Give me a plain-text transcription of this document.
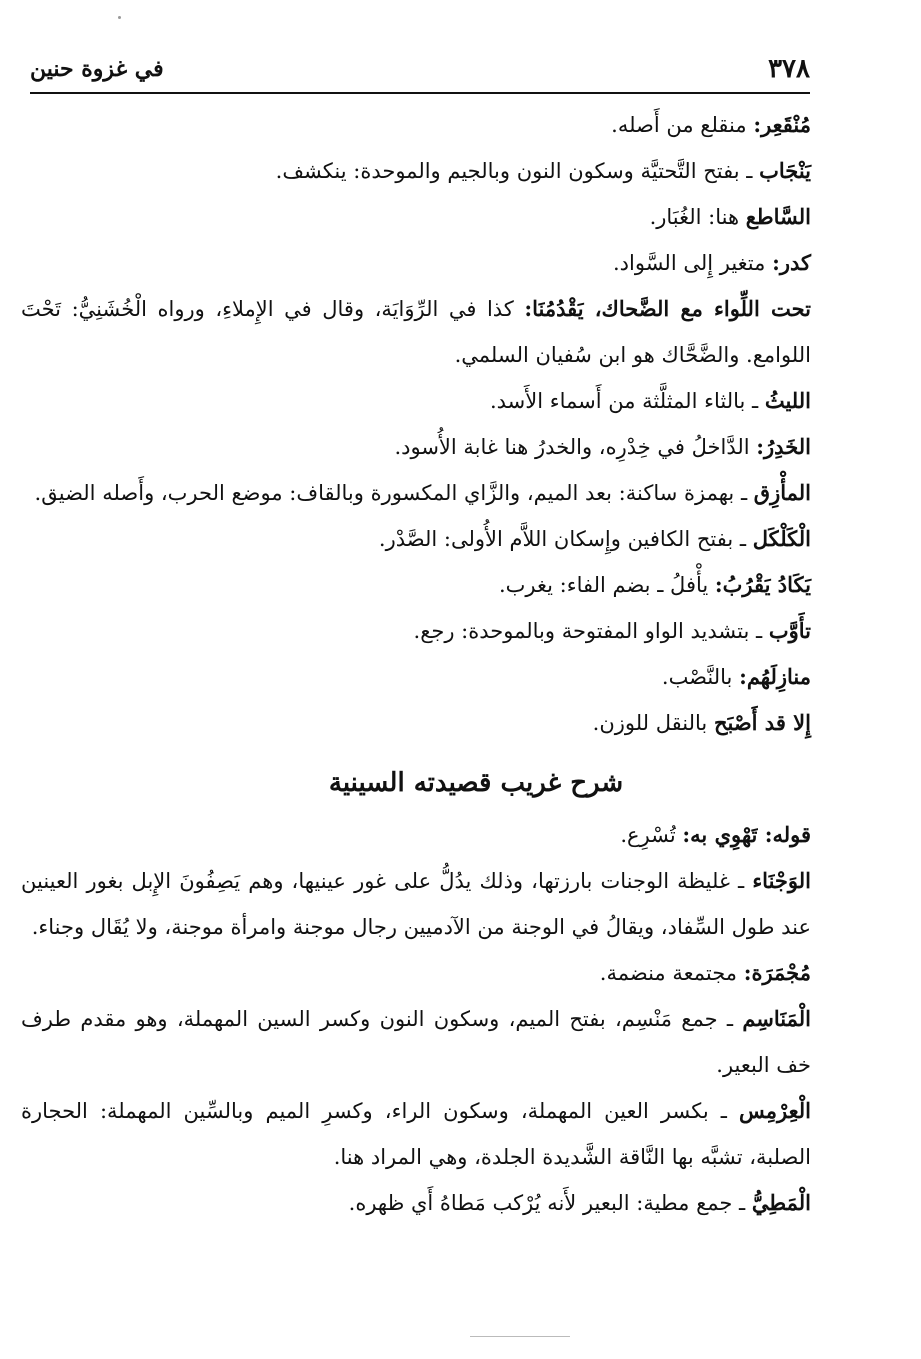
٣٧٨
في غزوة حنين

مُنْقَعِر: منقلع من أَصله.

يَنْجَاب ـ بفتح التَّحتيَّة وسكون النون وبالجيم والموحدة: ينكشف.

السَّاطع هنا: الغُبَار.

كدر: متغير إِلى السَّواد.

تحت اللِّواء مع الضَّحاك، يَقْدُمُنَا: كذا في الرِّوَايَة، وقال في الإِملاءِ، ورواه الْخُشَنِيُّ: تَحْتَ اللوامع. والضَّحَّاك هو ابن سُفيان السلمي.

الليثُ ـ بالثاء المثلَّثة من أَسماء الأَسد.

الخَدِرُ: الدَّاخلُ في خِدْرِه، والخدرُ هنا غابة الأُسود.

المأْزِق ـ بهمزة ساكنة: بعد الميم، والزَّاي المكسورة وبالقاف: موضع الحرب، وأَصله الضيق.

الْكَلْكَل ـ بفتح الكافين وإِسكان اللاَّم الأُولى: الصَّدْر.

يَكَادُ يَقْرُبُ: يأْفلُ ـ بضم الفاء: يغرب.

تأَوَّب ـ بتشديد الواو المفتوحة وبالموحدة: رجع.

منازِلَهُم: بالنَّصْب.

إِلا قد أَصْبَح بالنقل للوزن.

شرح غريب قصيدته السينية

قوله: تَهْوِي به: تُسْرِع.

الوَجْنَاء ـ غليظة الوجنات بارزتها، وذلك يدُلُّ على غور عينيها، وهم يَصِفُونَ الإِبل بغور العينين عند طول السِّفاد، ويقالُ في الوجنة من الآدميين رجال موجنة وامرأة موجنة، ولا يُقَال وجناء.

مُجْمَرَة: مجتمعة منضمة.

الْمَنَاسِم ـ جمع مَنْسِم، بفتح الميم، وسكون النون وكسر السين المهملة، وهو مقدم طرف خف البعير.

الْعِرْمِس ـ بكسر العين المهملة، وسكون الراء، وكسرِ الميم وبالسِّين المهملة: الحجارة الصلبة، تشبَّه بها النَّاقة الشَّديدة الجلدة، وهي المراد هنا.

الْمَطِيُّ ـ جمع مطية: البعير لأَنه يُرْكب مَطاهُ أَي ظهره.
